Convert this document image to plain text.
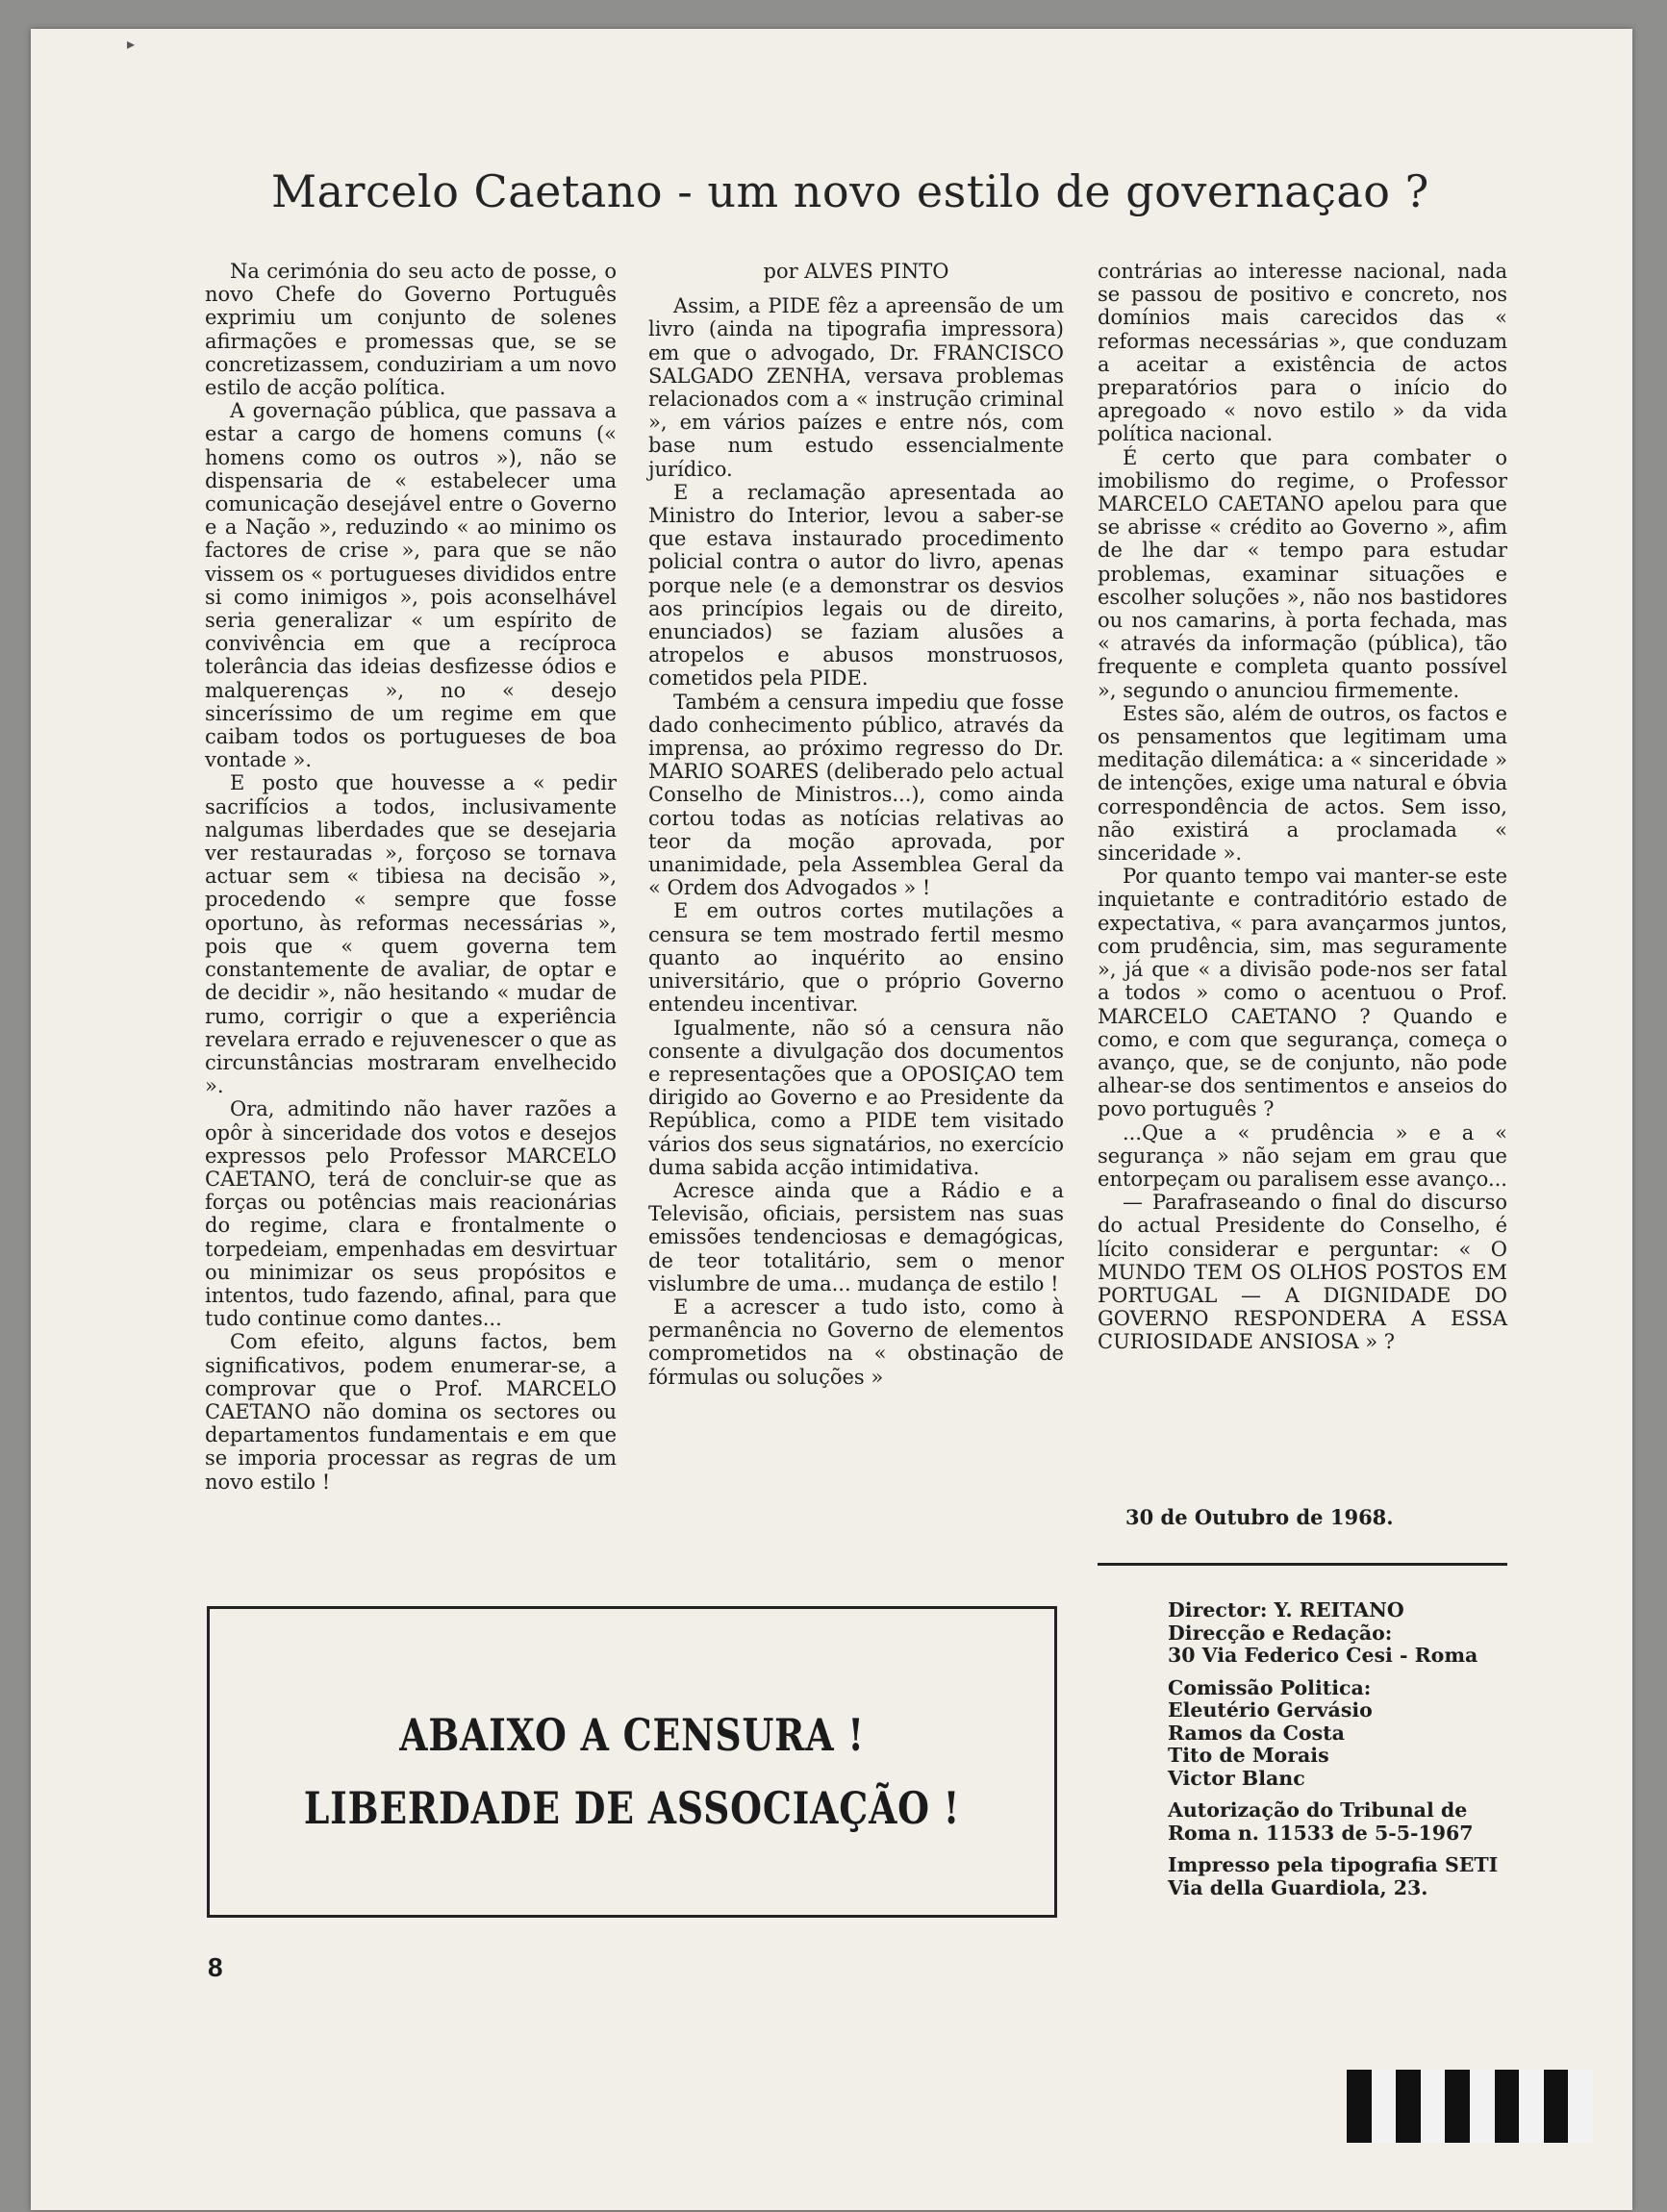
▸
Marcelo Caetano - um novo estilo de governaçao ?

Na cerimónia do seu acto de posse, o novo Chefe do Governo Português exprimiu um conjunto de solenes afirmações e promessas que, se se concretizassem, conduziriam a um novo estilo de acção política.

A governação pública, que passava a estar a cargo de homens comuns (« homens como os outros »), não se dispensaria de « estabelecer uma comunicação desejável entre o Governo e a Nação », reduzindo « ao minimo os factores de crise », para que se não vissem os « portugueses divididos entre si como inimigos », pois aconselhável seria generalizar « um espírito de convivência em que a recíproca tolerância das ideias desfizesse ódios e malquerenças », no « desejo sinceríssimo de um regime em que caibam todos os portugueses de boa vontade ».

E posto que houvesse a « pedir sacrifícios a todos, inclusivamente nalgumas liberdades que se desejaria ver restauradas », forçoso se tornava actuar sem « tibiesa na decisão », procedendo « sempre que fosse oportuno, às reformas necessárias », pois que « quem governa tem constantemente de avaliar, de optar e de decidir », não hesitando « mudar de rumo, corrigir o que a experiência revelara errado e rejuvenescer o que as circunstâncias mostraram envelhecido ».

Ora, admitindo não haver razões a opôr à sinceridade dos votos e desejos expressos pelo Professor MARCELO CAETANO, terá de concluir-se que as forças ou potências mais reacionárias do regime, clara e frontalmente o torpedeiam, empenhadas em desvirtuar ou minimizar os seus propósitos e intentos, tudo fazendo, afinal, para que tudo continue como dantes...

Com efeito, alguns factos, bem significativos, podem enumerar-se, a comprovar que o Prof. MARCELO CAETANO não domina os sectores ou departamentos fundamentais e em que se imporia processar as regras de um novo estilo !

por ALVES PINTO

Assim, a PIDE fêz a apreensão de um livro (ainda na tipografia impressora) em que o advogado, Dr. FRANCISCO SALGADO ZENHA, versava problemas relacionados com a « instrução criminal », em vários paízes e entre nós, com base num estudo essencialmente jurídico.

E a reclamação apresentada ao Ministro do Interior, levou a saber-se que estava instaurado procedimento policial contra o autor do livro, apenas porque nele (e a demonstrar os desvios aos princípios legais ou de direito, enunciados) se faziam alusões a atropelos e abusos monstruosos, cometidos pela PIDE.

Também a censura impediu que fosse dado conhecimento público, através da imprensa, ao próximo regresso do Dr. MARIO SOARES (deliberado pelo actual Conselho de Ministros...), como ainda cortou todas as notícias relativas ao teor da moção aprovada, por unanimidade, pela Assemblea Geral da « Ordem dos Advogados » !

E em outros cortes mutilações a censura se tem mostrado fertil mesmo quanto ao inquérito ao ensino universitário, que o próprio Governo entendeu incentivar.

Igualmente, não só a censura não consente a divulgação dos documentos e representações que a OPOSIÇAO tem dirigido ao Governo e ao Presidente da República, como a PIDE tem visitado vários dos seus signatários, no exercício duma sabida acção intimidativa.

Acresce ainda que a Rádio e a Televisão, oficiais, persistem nas suas emissões tendenciosas e demagógicas, de teor totalitário, sem o menor vislumbre de uma... mudança de estilo !

E a acrescer a tudo isto, como à permanência no Governo de elementos comprometidos na « obstinação de fórmulas ou soluções »

contrárias ao interesse nacional, nada se passou de positivo e concreto, nos domínios mais carecidos das « reformas necessárias », que conduzam a aceitar a existência de actos preparatórios para o início do apregoado « novo estilo » da vida política nacional.

É certo que para combater o imobilismo do regime, o Professor MARCELO CAETANO apelou para que se abrisse « crédito ao Governo », afim de lhe dar « tempo para estudar problemas, examinar situações e escolher soluções », não nos bastidores ou nos camarins, à porta fechada, mas « através da informação (pública), tão frequente e completa quanto possível », segundo o anunciou firmemente.

Estes são, além de outros, os factos e os pensamentos que legitimam uma meditação dilemática: a « sinceridade » de intenções, exige uma natural e óbvia correspondência de actos. Sem isso, não existirá a proclamada « sinceridade ».

Por quanto tempo vai manter-se este inquietante e contraditório estado de expectativa, « para avançarmos juntos, com prudência, sim, mas seguramente », já que « a divisão pode-nos ser fatal a todos » como o acentuou o Prof. MARCELO CAETANO ? Quando e como, e com que segurança, começa o avanço, que, se de conjunto, não pode alhear-se dos sentimentos e anseios do povo português ?

...Que a « prudência » e a « segurança » não sejam em grau que entorpeçam ou paralisem esse avanço...

— Parafraseando o final do discurso do actual Presidente do Conselho, é lícito considerar e perguntar: « O MUNDO TEM OS OLHOS POSTOS EM PORTUGAL — A DIGNIDADE DO GOVERNO RESPONDERA A ESSA CURIOSIDADE ANSIOSA » ?

30 de Outubro de 1968.
Director: Y. REITANO
Direcção e Redação:
30 Via Federico Cesi - Roma
Comissão Politica:
Eleutério Gervásio
Ramos da Costa
Tito de Morais
Victor Blanc
Autorização do Tribunal de
Roma n. 11533 de 5-5-1967
Impresso pela tipografia SETI
Via della Guardiola, 23.
ABAIXO A CENSURA !
LIBERDADE DE ASSOCIAÇÃO !
8
